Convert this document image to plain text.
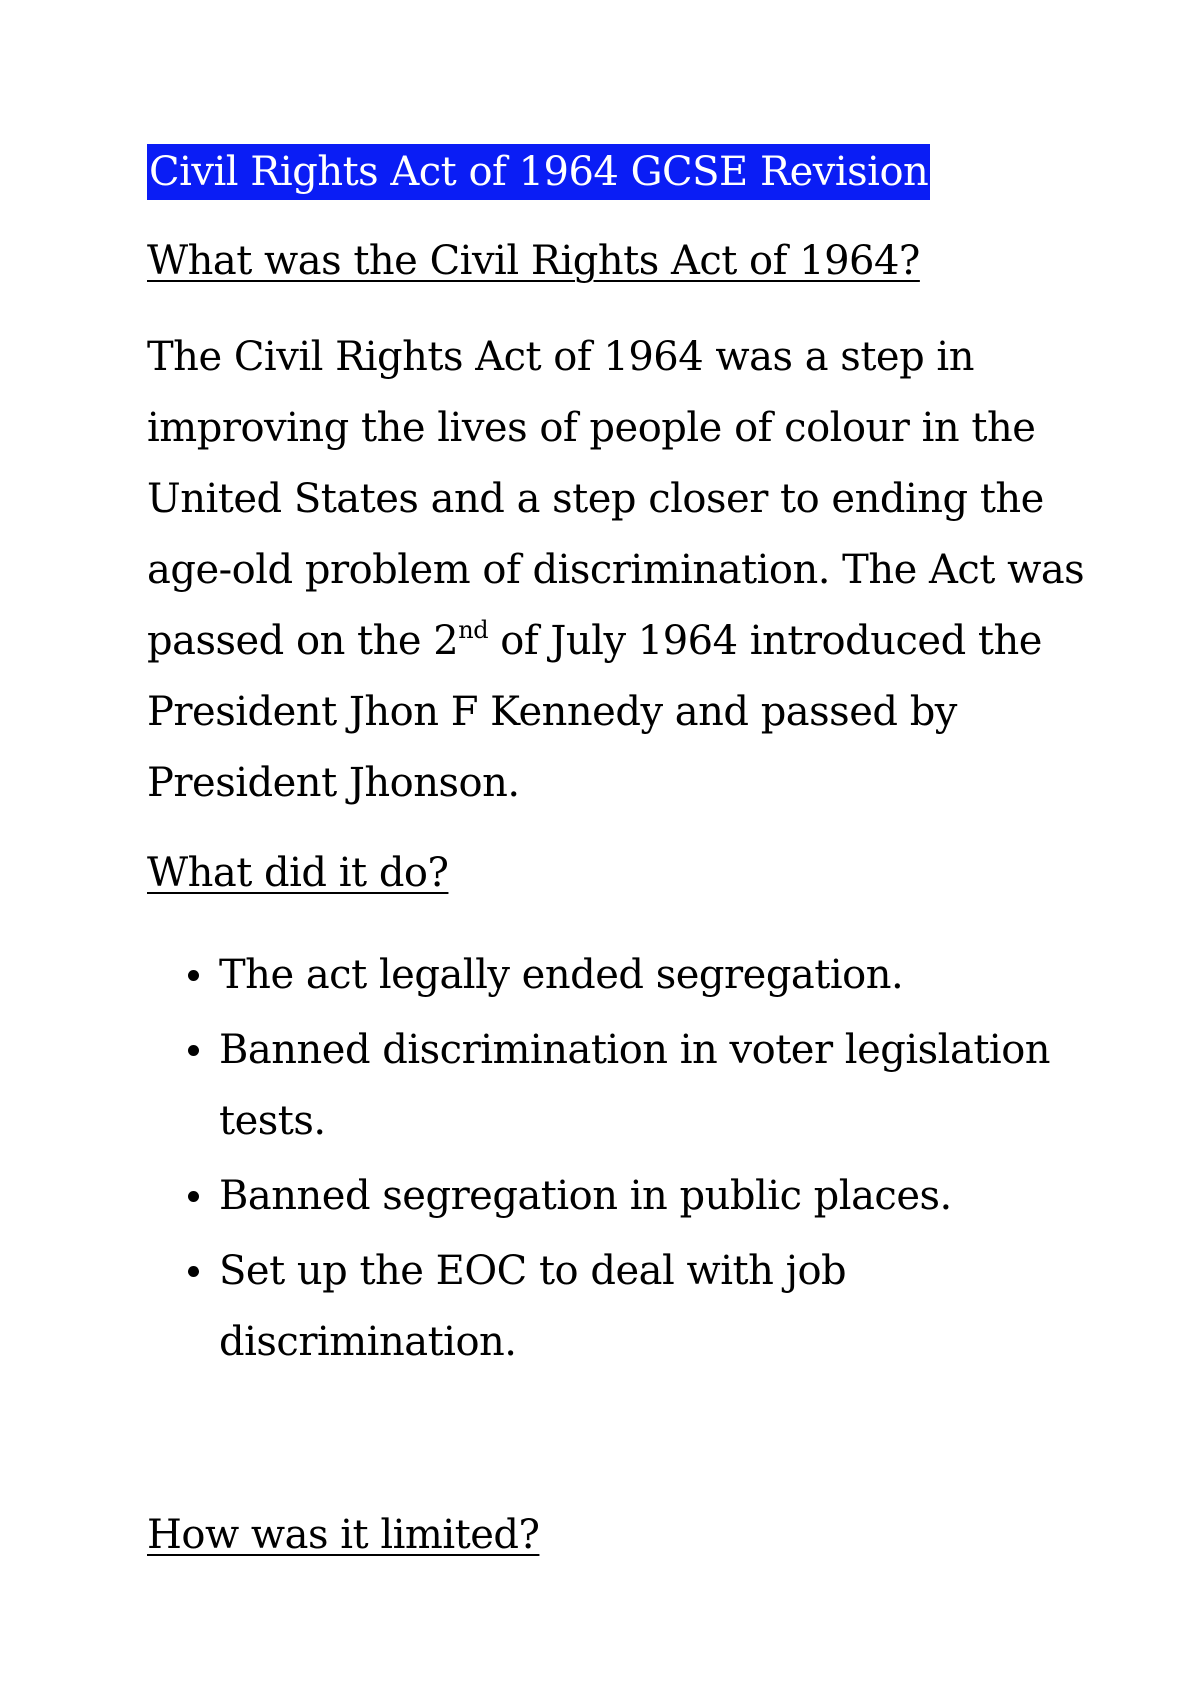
Civil Rights Act of 1964 GCSE Revision
What was the Civil Rights Act of 1964?
The Civil Rights Act of 1964 was a step in
improving the lives of people of colour in the
United States and a step closer to ending the
age-old problem of discrimination. The Act was
passed on the 2nd of July 1964 introduced the
President Jhon F Kennedy and passed by
President Jhonson.
What did it do?
The act legally ended segregation.
Banned discrimination in voter legislation
tests.
Banned segregation in public places.
Set up the EOC to deal with job
discrimination.
How was it limited?
